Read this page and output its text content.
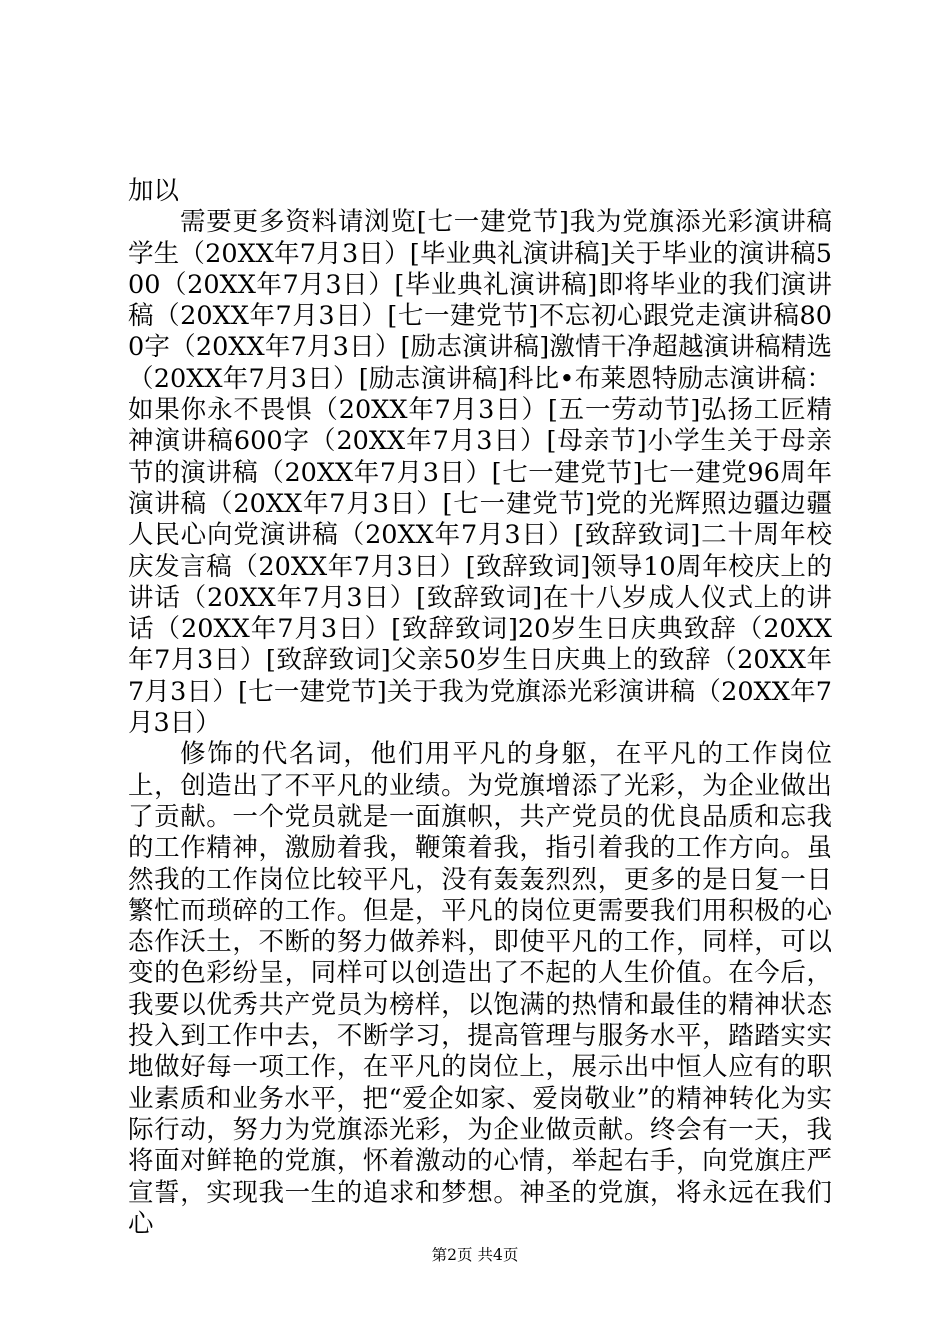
加以

需要更多资料请浏览[七一建党节]我为党旗添光彩演讲稿学生（20XX年7月3日）[毕业典礼演讲稿]关于毕业的演讲稿500（20XX年7月3日）[毕业典礼演讲稿]即将毕业的我们演讲稿（20XX年7月3日）[七一建党节]不忘初心跟党走演讲稿800字（20XX年7月3日）[励志演讲稿]激情干净超越演讲稿精选（20XX年7月3日）[励志演讲稿]科比•布莱恩特励志演讲稿：如果你永不畏惧（20XX年7月3日）[五一劳动节]弘扬工匠精神演讲稿600字（20XX年7月3日）[母亲节]小学生关于母亲节的演讲稿（20XX年7月3日）[七一建党节]七一建党96周年演讲稿（20XX年7月3日）[七一建党节]党的光辉照边疆边疆人民心向党演讲稿（20XX年7月3日）[致辞致词]二十周年校庆发言稿（20XX年7月3日）[致辞致词]领导10周年校庆上的讲话（20XX年7月3日）[致辞致词]在十八岁成人仪式上的讲话（20XX年7月3日）[致辞致词]20岁生日庆典致辞（20XX年7月3日）[致辞致词]父亲50岁生日庆典上的致辞（20XX年7月3日）[七一建党节]关于我为党旗添光彩演讲稿（20XX年7月3日）

修饰的代名词，他们用平凡的身躯，在平凡的工作岗位上，创造出了不平凡的业绩。为党旗增添了光彩，为企业做出了贡献。一个党员就是一面旗帜，共产党员的优良品质和忘我的工作精神，激励着我，鞭策着我，指引着我的工作方向。虽然我的工作岗位比较平凡，没有轰轰烈烈，更多的是日复一日繁忙而琐碎的工作。但是，平凡的岗位更需要我们用积极的心态作沃土，不断的努力做养料，即使平凡的工作，同样，可以变的色彩纷呈，同样可以创造出了不起的人生价值。在今后，我要以优秀共产党员为榜样，以饱满的热情和最佳的精神状态投入到工作中去，不断学习，提高管理与服务水平，踏踏实实地做好每一项工作，在平凡的岗位上，展示出中恒人应有的职业素质和业务水平，把“爱企如家、爱岗敬业”的精神转化为实际行动，努力为党旗添光彩，为企业做贡献。终会有一天，我将面对鲜艳的党旗，怀着激动的心情，举起右手，向党旗庄严宣誓，实现我一生的追求和梦想。神圣的党旗，将永远在我们心

第2页 共4页
